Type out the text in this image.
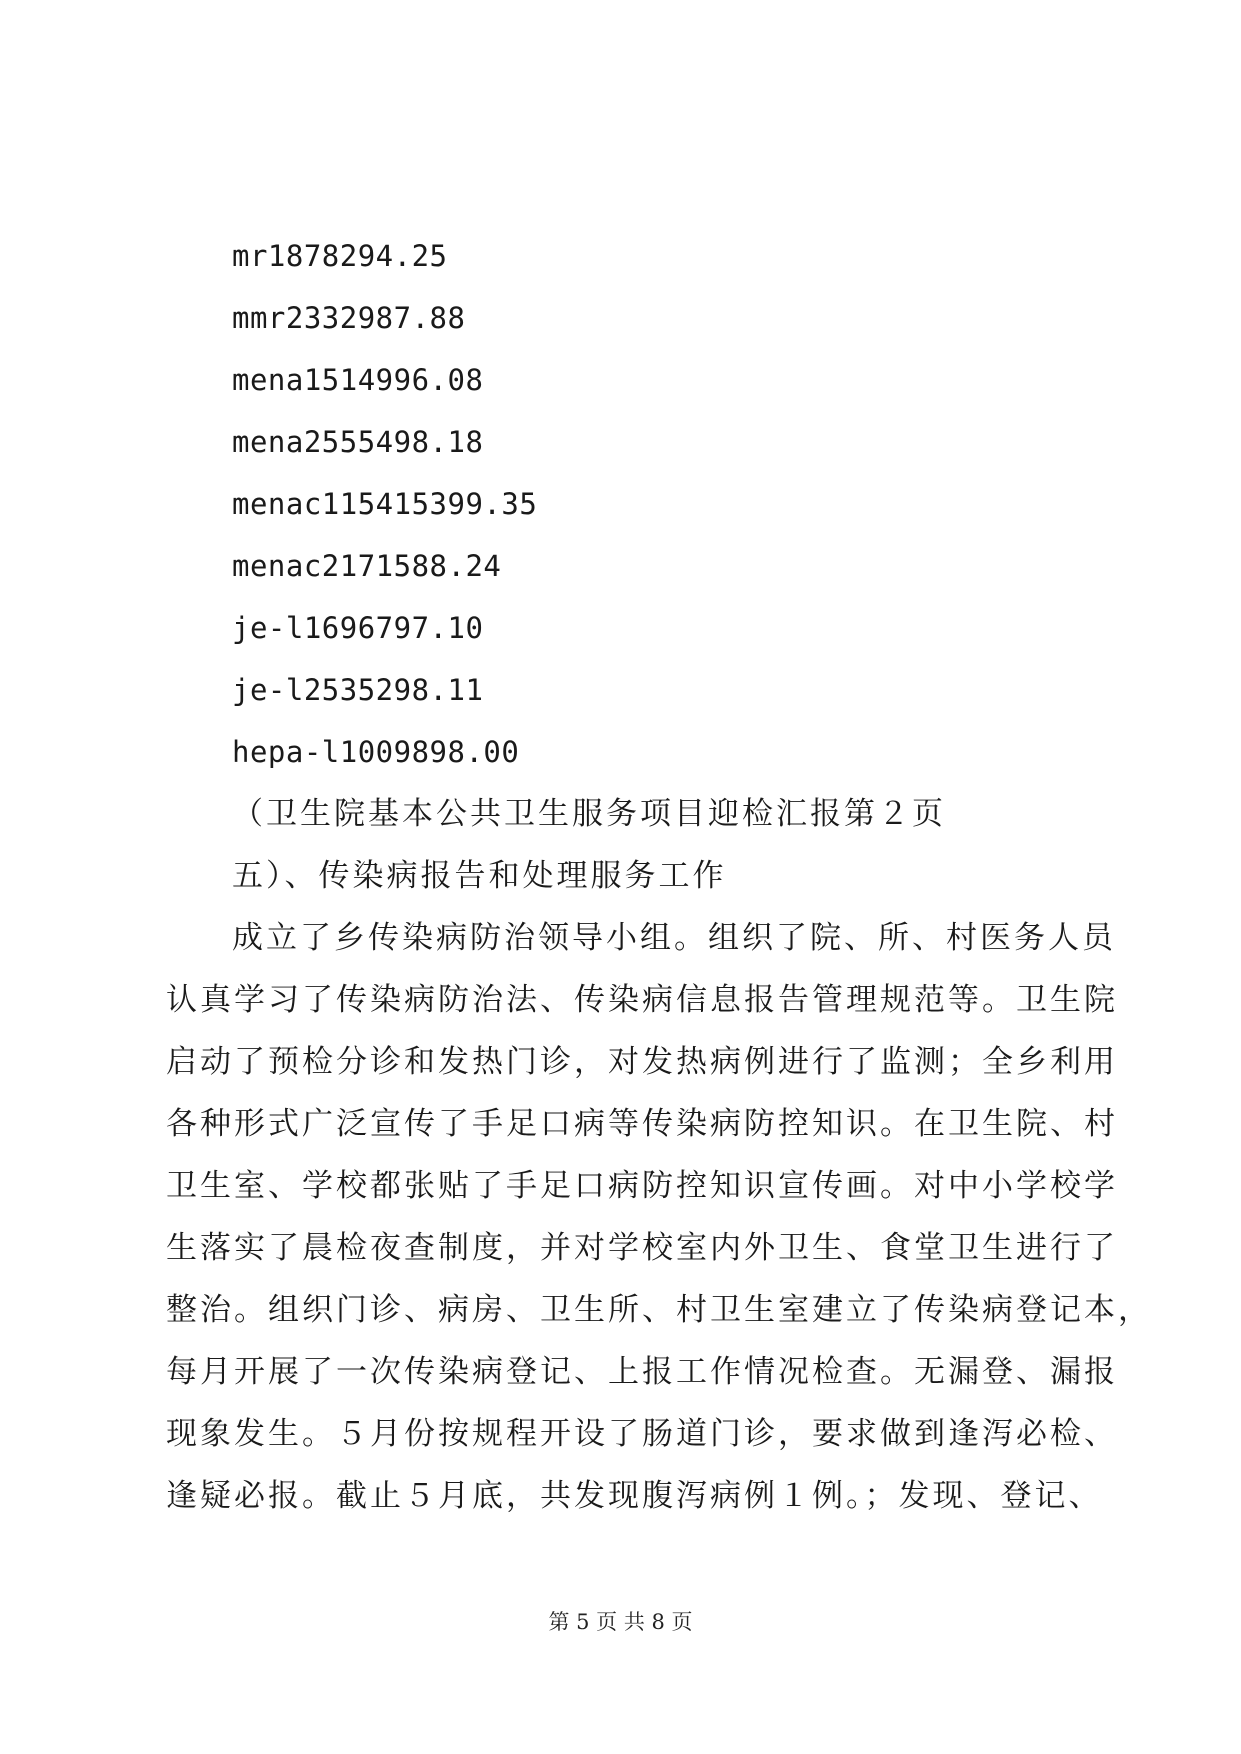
mr1878294.25
mmr2332987.88
mena1514996.08
mena2555498.18
menac115415399.35
menac2171588.24
je-l1696797.10
je-l2535298.11
hepa-l1009898.00
（卫生院基本公共卫生服务项目迎检汇报第２页
五）、传染病报告和处理服务工作
成立了乡传染病防治领导小组。组织了院、所、村医务人员
认真学习了传染病防治法、传染病信息报告管理规范等。卫生院
启动了预检分诊和发热门诊，对发热病例进行了监测；全乡利用
各种形式广泛宣传了手足口病等传染病防控知识。在卫生院、村
卫生室、学校都张贴了手足口病防控知识宣传画。对中小学校学
生落实了晨检夜查制度，并对学校室内外卫生、食堂卫生进行了
整治。组织门诊、病房、卫生所、村卫生室建立了传染病登记本，
每月开展了一次传染病登记、上报工作情况检查。无漏登、漏报
现象发生。５月份按规程开设了肠道门诊，要求做到逢泻必检、
逢疑必报。截止５月底，共发现腹泻病例１例。；发现、登记、
第 5 页 共 8 页
